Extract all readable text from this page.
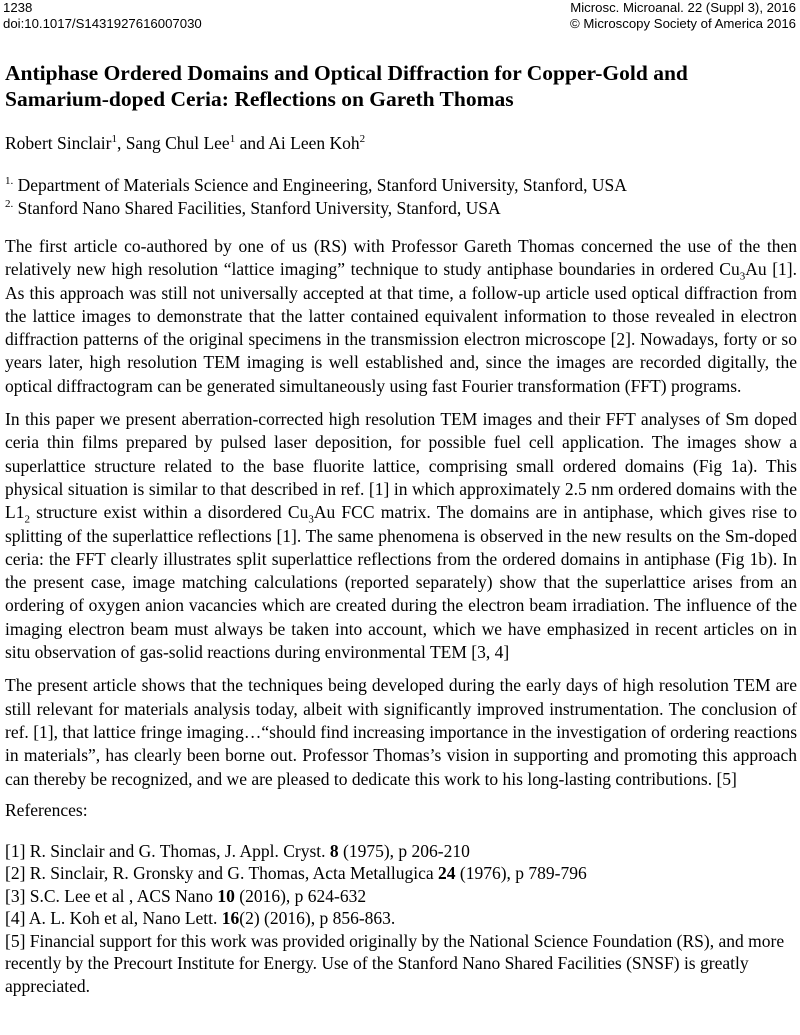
1238
doi:10.1017/S1431927616007030
Microsc. Microanal. 22 (Suppl 3), 2016
© Microscopy Society of America 2016
Antiphase Ordered Domains and Optical Diffraction for Copper-Gold and Samarium-doped Ceria: Reflections on Gareth Thomas
Robert Sinclair$^1$, Sang Chul Lee$^1$ and Ai Leen Koh$^2$
$^{1.}$ Department of Materials Science and Engineering, Stanford University, Stanford, USA
$^{2.}$ Stanford Nano Shared Facilities, Stanford University, Stanford, USA

The first article co-authored by one of us (RS) with Professor Gareth Thomas concerned the use of the then relatively new high resolution “lattice imaging” technique to study antiphase boundaries in ordered $Cu_3Au$ [1]. As this approach was still not universally accepted at that time, a follow-up article used optical diffraction from the lattice images to demonstrate that the latter contained equivalent information to those revealed in electron diffraction patterns of the original specimens in the transmission electron microscope [2]. Nowadays, forty or so years later, high resolution TEM imaging is well established and, since the images are recorded digitally, the optical diffractogram can be generated simultaneously using fast Fourier transformation (FFT) programs.

In this paper we present aberration-corrected high resolution TEM images and their FFT analyses of Sm doped ceria thin films prepared by pulsed laser deposition, for possible fuel cell application. The images show a superlattice structure related to the base fluorite lattice, comprising small ordered domains (Fig 1a). This physical situation is similar to that described in ref. [1] in which approximately 2.5 nm ordered domains with the $L1_2$ structure exist within a disordered $Cu_3Au$ FCC matrix. The domains are in antiphase, which gives rise to splitting of the superlattice reflections [1]. The same phenomena is observed in the new results on the Sm-doped ceria: the FFT clearly illustrates split superlattice reflections from the ordered domains in antiphase (Fig 1b). In the present case, image matching calculations (reported separately) show that the superlattice arises from an ordering of oxygen anion vacancies which are created during the electron beam irradiation. The influence of the imaging electron beam must always be taken into account, which we have emphasized in recent articles on in situ observation of gas-solid reactions during environmental TEM [3, 4]

The present article shows that the techniques being developed during the early days of high resolution TEM are still relevant for materials analysis today, albeit with significantly improved instrumentation. The conclusion of ref. [1], that lattice fringe imaging…“should find increasing importance in the investigation of ordering reactions in materials”, has clearly been borne out. Professor Thomas’s vision in supporting and promoting this approach can thereby be recognized, and we are pleased to dedicate this work to his long-lasting contributions. [5]

References:
[1] R. Sinclair and G. Thomas, J. Appl. Cryst. 8 (1975), p 206-210
[2] R. Sinclair, R. Gronsky and G. Thomas, Acta Metallugica 24 (1976), p 789-796
[3] S.C. Lee et al , ACS Nano 10 (2016), p 624-632
[4] A. L. Koh et al, Nano Lett. 16(2) (2016), p 856-863.
[5] Financial support for this work was provided originally by the National Science Foundation (RS), and more recently by the Precourt Institute for Energy. Use of the Stanford Nano Shared Facilities (SNSF) is greatly appreciated.
